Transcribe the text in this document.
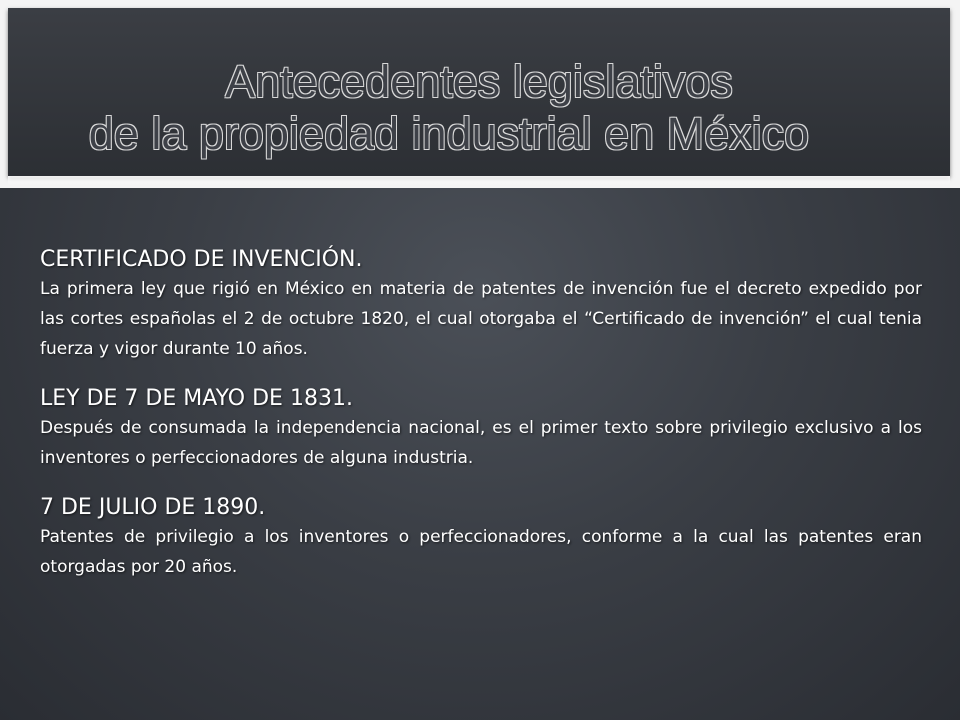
Antecedentes legislativos
de la propiedad industrial en México

CERTIFICADO DE INVENCIÓN.

La primera ley que rigió en México en materia de patentes de invención fue el decreto expedido por las cortes españolas el 2 de octubre 1820, el cual otorgaba el “Certificado de invención” el cual tenia fuerza y vigor durante 10 años.

LEY DE 7 DE MAYO DE 1831.

Después de consumada la independencia nacional, es el primer texto sobre privilegio exclusivo a los inventores o perfeccionadores de alguna industria.

7 DE JULIO DE 1890.

Patentes de privilegio a los inventores o perfeccionadores, conforme a la cual las patentes eran otorgadas por 20 años.
